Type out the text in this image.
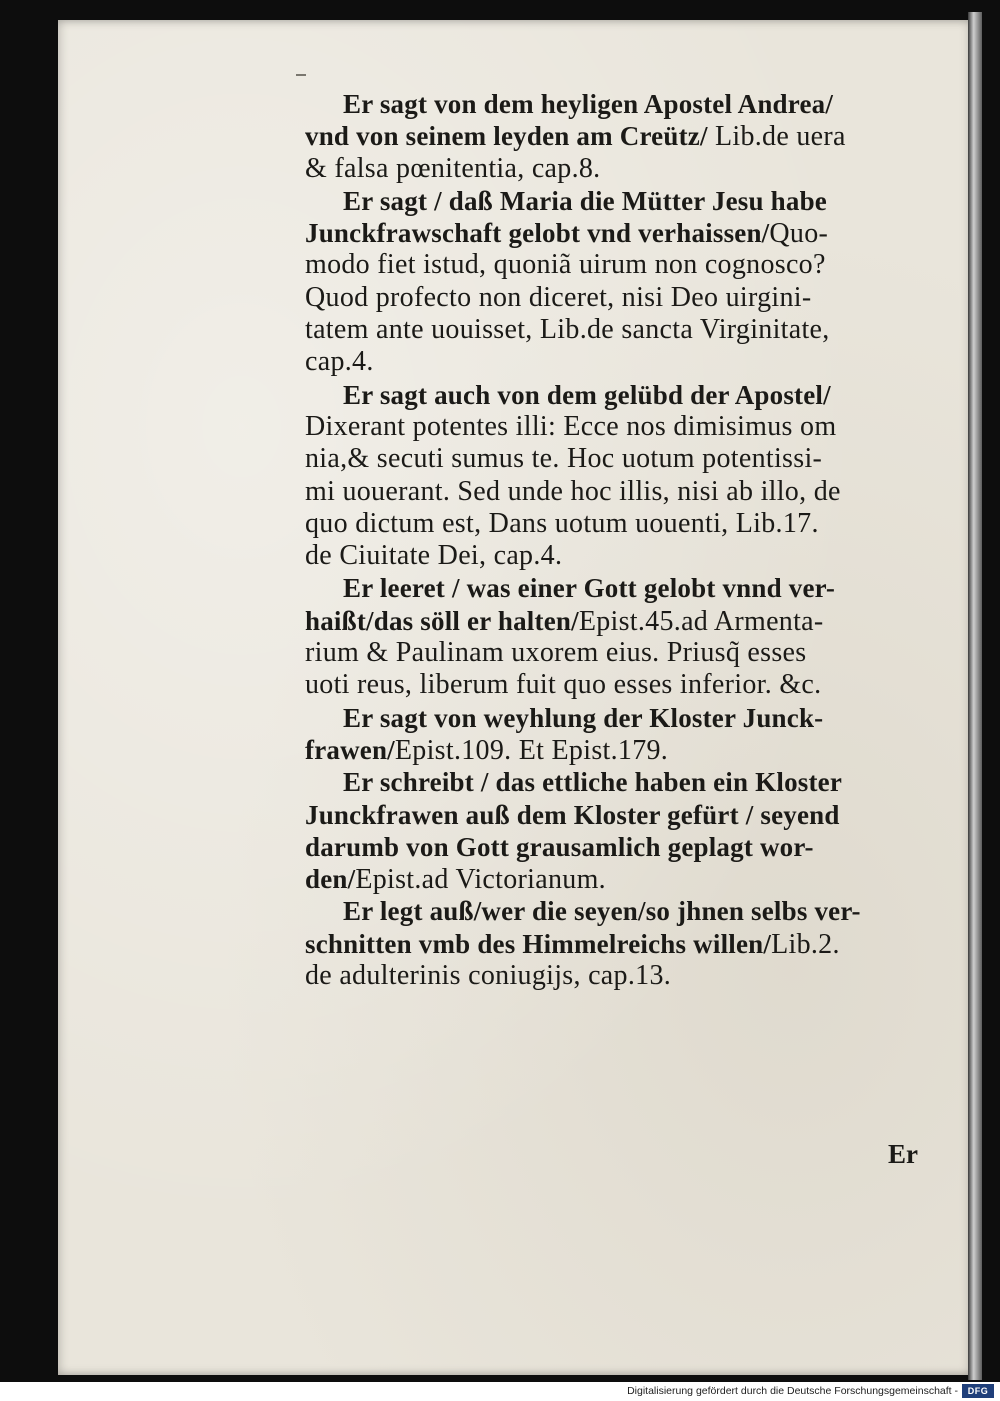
Er sagt von dem heyligen Apostel Andrea/
vnd von seinem leyden am Creütz/ Lib.de uera
& falsa pœnitentia, cap.8.
Er sagt / daß Maria die Mütter Jesu habe
Junckfrawschaft gelobt vnd verhaissen/Quo-
modo fiet istud, quoniã uirum non cognosco?
Quod profecto non diceret, nisi Deo uirgini-
tatem ante uouisset, Lib.de sancta Virginitate,
cap.4.
Er sagt auch von dem gelübd der Apostel/
Dixerant potentes illi: Ecce nos dimisimus om
nia,& secuti sumus te. Hoc uotum potentissi-
mi uouerant. Sed unde hoc illis, nisi ab illo, de
quo dictum est, Dans uotum uouenti, Lib.17.
de Ciuitate Dei, cap.4.
Er leeret / was einer Gott gelobt vnnd ver-
haißt/das söll er halten/Epist.45.ad Armenta-
rium & Paulinam uxorem eius. Priusq̃ esses
uoti reus, liberum fuit quo esses inferior. &c.
Er sagt von weyhlung der Kloster Junck-
frawen/Epist.109. Et Epist.179.
Er schreibt / das ettliche haben ein Kloster
Junckfrawen auß dem Kloster gefürt / seyend
darumb von Gott grausamlich geplagt wor-
den/Epist.ad Victorianum.
Er legt auß/wer die seyen/so jhnen selbs ver-
schnitten vmb des Himmelreichs willen/Lib.2.
de adulterinis coniugijs, cap.13.
Er
Digitalisierung gefördert durch die Deutsche Forschungsgemeinschaft -	DFG
